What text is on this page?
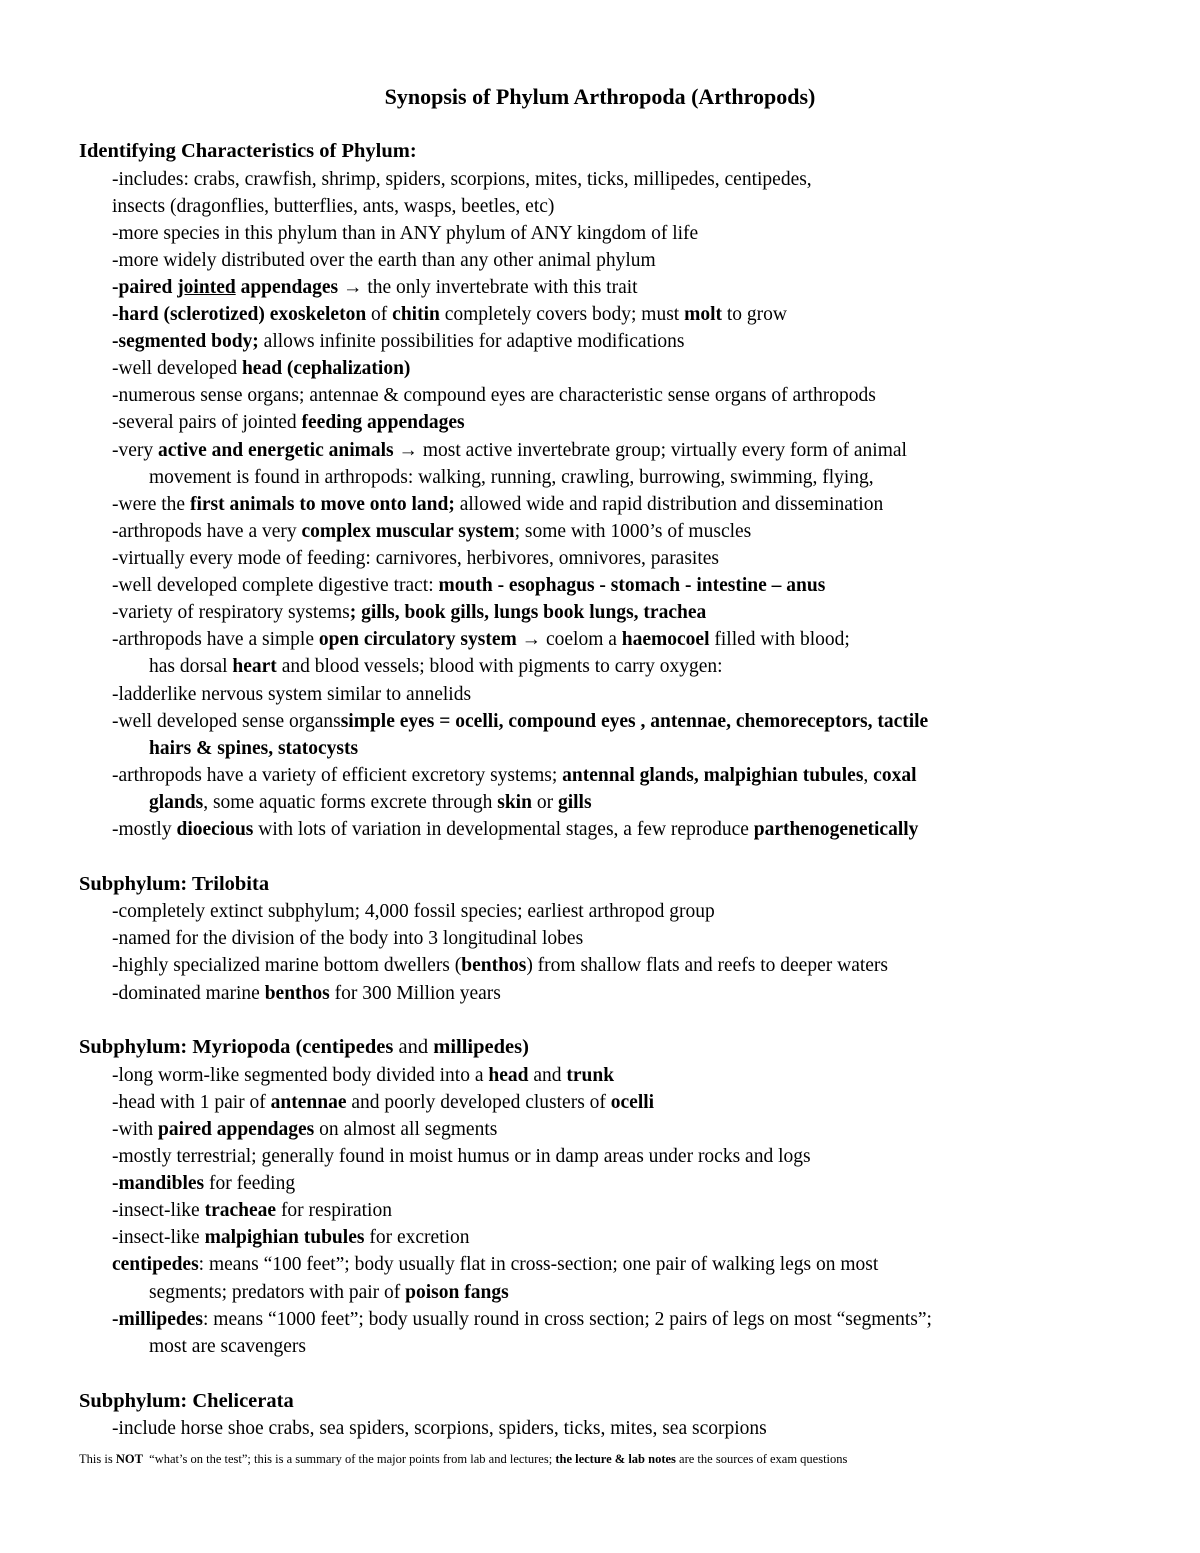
Synopsis of Phylum Arthropoda (Arthropods)
Identifying Characteristics of Phylum:
-includes: crabs, crawfish, shrimp, spiders, scorpions, mites, ticks, millipedes, centipedes,
insects (dragonflies, butterflies, ants, wasps, beetles, etc)
-more species in this phylum than in ANY phylum of ANY kingdom of life
-more widely distributed over the earth than any other animal phylum
-paired jointed appendages → the only invertebrate with this trait
-hard (sclerotized) exoskeleton of chitin completely covers body; must molt to grow
-segmented body; allows infinite possibilities for adaptive modifications
-well developed head (cephalization)
-numerous sense organs; antennae & compound eyes are characteristic sense organs of arthropods
-several pairs of jointed feeding appendages
-very active and energetic animals → most active invertebrate group; virtually every form of animal
movement is found in arthropods: walking, running, crawling, burrowing, swimming, flying,
-were the first animals to move onto land; allowed wide and rapid distribution and dissemination
-arthropods have a very complex muscular system; some with 1000’s of muscles
-virtually every mode of feeding: carnivores, herbivores, omnivores, parasites
-well developed complete digestive tract: mouth - esophagus - stomach - intestine – anus
-variety of respiratory systems; gills, book gills, lungs book lungs, trachea
-arthropods have a simple open circulatory system → coelom a haemocoel filled with blood;
has dorsal heart and blood vessels; blood with pigments to carry oxygen:
-ladderlike nervous system similar to annelids
-well developed sense organssimple eyes = ocelli, compound eyes , antennae, chemoreceptors, tactile
hairs & spines, statocysts
-arthropods have a variety of efficient excretory systems; antennal glands, malpighian tubules, coxal
glands, some aquatic forms excrete through skin or gills
-mostly dioecious with lots of variation in developmental stages, a few reproduce parthenogenetically
Subphylum: Trilobita
-completely extinct subphylum; 4,000 fossil species; earliest arthropod group
-named for the division of the body into 3 longitudinal lobes
-highly specialized marine bottom dwellers (benthos) from shallow flats and reefs to deeper waters
-dominated marine benthos for 300 Million years
Subphylum: Myriopoda (centipedes and millipedes)
-long worm-like segmented body divided into a head and trunk
-head with 1 pair of antennae and poorly developed clusters of ocelli
-with paired appendages on almost all segments
-mostly terrestrial; generally found in moist humus or in damp areas under rocks and logs
-mandibles for feeding
-insect-like tracheae for respiration
-insect-like malpighian tubules for excretion
centipedes: means “100 feet”; body usually flat in cross-section; one pair of walking legs on most
segments; predators with pair of poison fangs
-millipedes: means “1000 feet”; body usually round in cross section; 2 pairs of legs on most “segments”;
most are scavengers
Subphylum: Chelicerata
-include horse shoe crabs, sea spiders, scorpions, spiders, ticks, mites, sea scorpions
This is NOT  “what’s on the test”; this is a summary of the major points from lab and lectures; the lecture & lab notes are the sources of exam questions
